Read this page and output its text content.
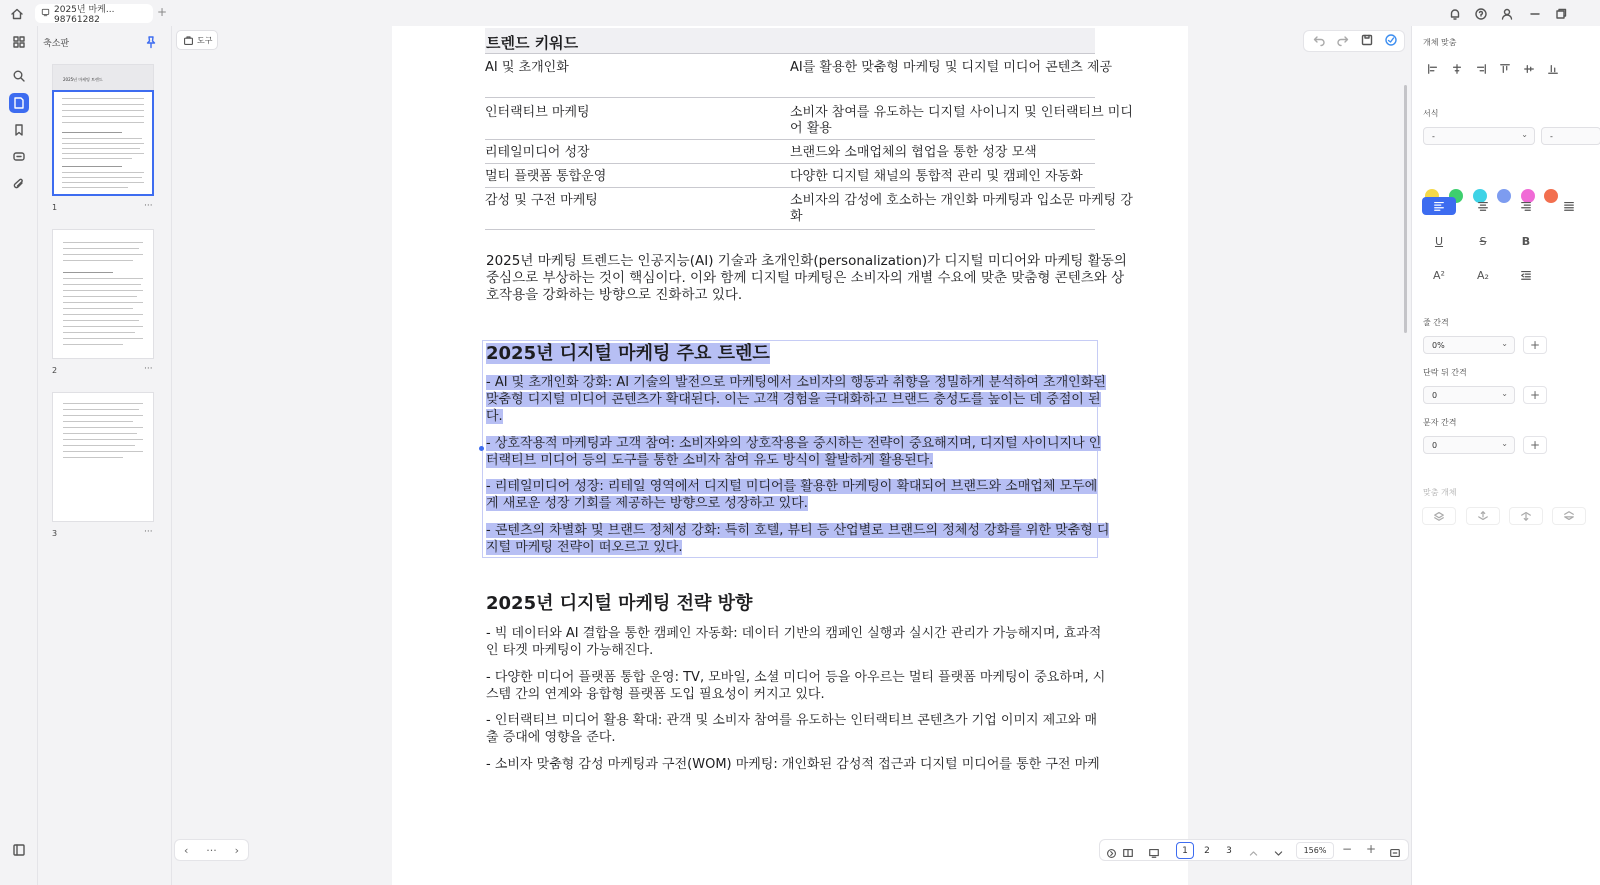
2025년 마케... 98761282
+
축소판
2025년 마케팅 트렌드
1	···
2	···
3	···
도구	트렌드 키워드
AI 및 초개인화	AI를 활용한 맞춤형 마케팅 및 디지털 미디어 콘텐츠 제공
인터랙티브 마케팅	소비자 참여를 유도하는 디지털 사이니지 및 인터랙티브 미디
어 활용
리테일미디어 성장	브랜드와 소매업체의 협업을 통한 성장 모색
멀티 플랫폼 통합운영	다양한 디지털 채널의 통합적 관리 및 캠페인 자동화
감성 및 구전 마케팅	소비자의 감성에 호소하는 개인화 마케팅과 입소문 마케팅 강
화
2025년 마케팅 트렌드는 인공지능(AI) 기술과 초개인화(personalization)가 디지털 미디어와 마케팅 활동의
중심으로 부상하는 것이 핵심이다. 이와 함께 디지털 마케팅은 소비자의 개별 수요에 맞춘 맞춤형 콘텐츠와 상
호작용을 강화하는 방향으로 진화하고 있다.
2025년 디지털 마케팅 주요 트렌드
- AI 및 초개인화 강화: AI 기술의 발전으로 마케팅에서 소비자의 행동과 취향을 정밀하게 분석하여 초개인화된
맞춤형 디지털 미디어 콘텐츠가 확대된다. 이는 고객 경험을 극대화하고 브랜드 충성도를 높이는 데 중점이 된
다.
- 상호작용적 마케팅과 고객 참여: 소비자와의 상호작용을 중시하는 전략이 중요해지며, 디지털 사이니지나 인
터랙티브 미디어 등의 도구를 통한 소비자 참여 유도 방식이 활발하게 활용된다.
- 리테일미디어 성장: 리테일 영역에서 디지털 미디어를 활용한 마케팅이 확대되어 브랜드와 소매업체 모두에
게 새로운 성장 기회를 제공하는 방향으로 성장하고 있다.
- 콘텐츠의 차별화 및 브랜드 정체성 강화: 특히 호텔, 뷰티 등 산업별로 브랜드의 정체성 강화를 위한 맞춤형 디
지털 마케팅 전략이 떠오르고 있다.
2025년 디지털 마케팅 전략 방향
- 빅 데이터와 AI 결합을 통한 캠페인 자동화: 데이터 기반의 캠페인 실행과 실시간 관리가 가능해지며, 효과적
인 타겟 마케팅이 가능해진다.
- 다양한 미디어 플랫폼 통합 운영: TV, 모바일, 소셜 미디어 등을 아우르는 멀티 플랫폼 마케팅이 중요하며, 시
스템 간의 연계와 융합형 플랫폼 도입 필요성이 커지고 있다.
- 인터랙티브 미디어 활용 확대: 관객 및 소비자 참여를 유도하는 인터랙티브 콘텐츠가 기업 이미지 제고와 매
출 증대에 영향을 준다.
- 소비자 맞춤형 감성 마케팅과 구전(WOM) 마케팅: 개인화된 감성적 접근과 디지털 미디어를 통한 구전 마케
개체 맞춤
서식
-	⌄	-
U	S	B
A²	A₂
줄 간격
0%	⌄	+
단락 뒤 간격
0	⌄	+
문자 간격
0	⌄	+
맞춤 개체
‹ ··· ›	1	2	3	156%	− +
